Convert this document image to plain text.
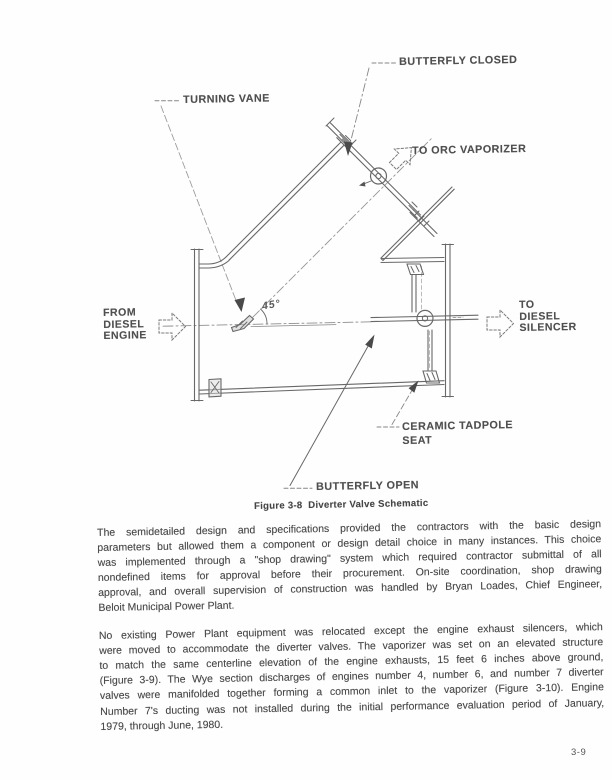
BUTTERFLY CLOSED
TURNING VANE
TO ORC VAPORIZER
FROM
DIESEL
ENGINE
TO
DIESEL
SILENCER
CERAMIC TADPOLE
SEAT
BUTTERFLY OPEN
45°
Figure 3-8  Diverter Valve Schematic
The semidetailed design and specifications provided the contractors with the basic design
parameters but allowed them a component or design detail choice in many instances. This choice
was implemented through a "shop drawing" system which required contractor submittal of all
nondefined items for approval before their procurement. On-site coordination, shop drawing
approval, and overall supervision of construction was handled by Bryan Loades, Chief Engineer,
Beloit Municipal Power Plant.
No existing Power Plant equipment was relocated except the engine exhaust silencers, which
were moved to accommodate the diverter valves. The vaporizer was set on an elevated structure
to match the same centerline elevation of the engine exhausts, 15 feet 6 inches above ground,
(Figure 3-9). The Wye section discharges of engines number 4, number 6, and number 7 diverter
valves were manifolded together forming a common inlet to the vaporizer (Figure 3-10). Engine
Number 7's ducting was not installed during the initial performance evaluation period of January,
1979, through June, 1980.
3-9
